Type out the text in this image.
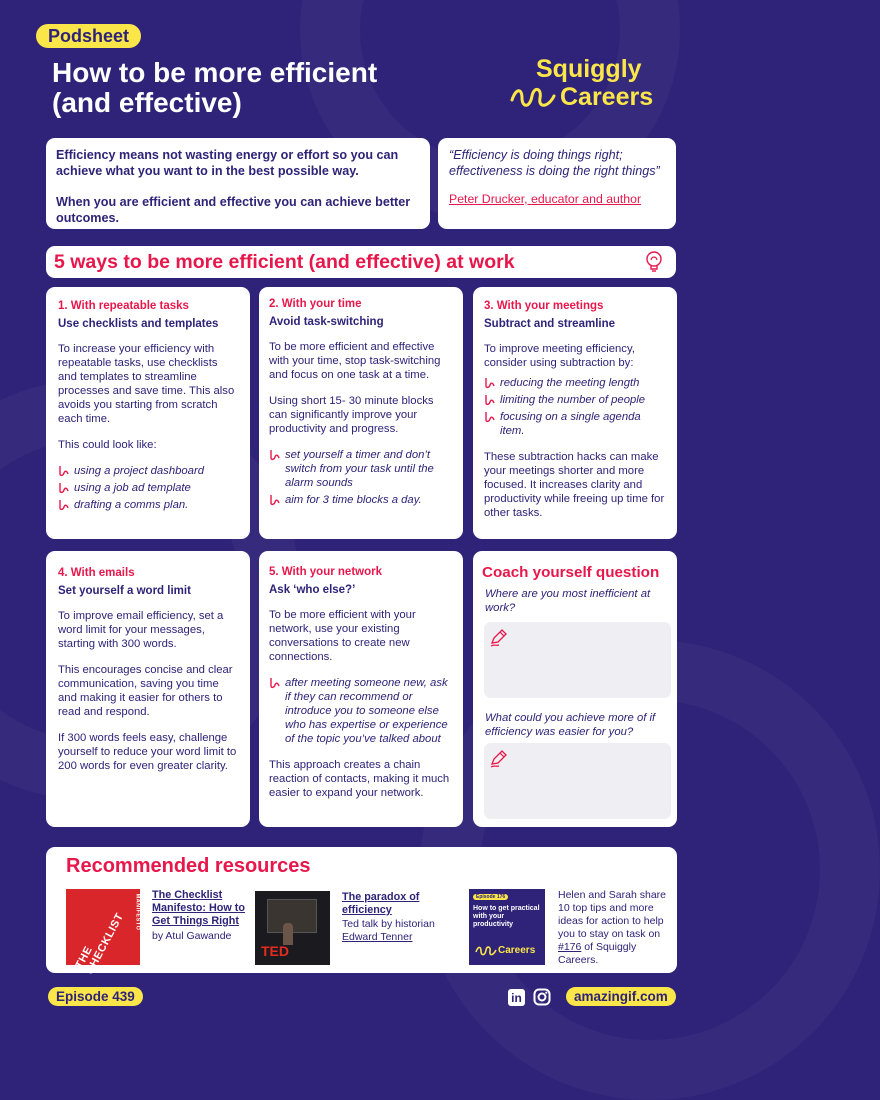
Podsheet
How to be more efficient
(and effective)
Squiggly
Careers

Efficiency means not wasting energy or effort so you can achieve what you want to in the best possible way.

When you are efficient and effective you can achieve better outcomes.

“Efficiency is doing things right; effectiveness is doing the right things”
Peter Drucker, educator and author
5 ways to be more efficient (and effective) at work
1. With repeatable tasks
Use checklists and templates

To increase your efficiency with repeatable tasks, use checklists and templates to streamline processes and save time. This also avoids you starting from scratch each time.

This could look like:

using a project dashboard
using a job ad template
drafting a comms plan.
2. With your time
Avoid task-switching

To be more efficient and effective with your time, stop task-switching and focus on one task at a time.

Using short 15- 30 minute blocks can significantly improve your productivity and progress.

set yourself a timer and don’t switch from your task until the alarm sounds
aim for 3 time blocks a day.
3. With your meetings
Subtract and streamline

To improve meeting efficiency, consider using subtraction by:

reducing the meeting length
limiting the number of people
focusing on a single agenda item.

These subtraction hacks can make your meetings shorter and more focused. It increases clarity and productivity while freeing up time for other tasks.

4. With emails
Set yourself a word limit

To improve email efficiency, set a word limit for your messages, starting with 300 words.

This encourages concise and clear communication, saving you time and making it easier for others to read and respond.

If 300 words feels easy, challenge yourself to reduce your word limit to 200 words for even greater clarity.

5. With your network
Ask ‘who else?’

To be more efficient with your network, use your existing conversations to create new connections.

after meeting someone new, ask if they can recommend or introduce you to someone else who has expertise or experience of the topic you’ve talked about

This approach creates a chain reaction of contacts, making it much easier to expand your network.

Coach yourself question
Where are you most inefficient at work?
What could you achieve more of if efficiency was easier for you?
Recommended resources
THE CHECKLIST	MANIFESTO The Checklist Manifesto: How to Get Things Right
by Atul Gawande
TED
The paradox of efficiency
Ted talk by historian
Edward Tenner
Episode 176
How to get practical with your productivity
Careers
Helen and Sarah share 10 top tips and more ideas for action to help you to stay on task on #176 of Squiggly Careers.
Episode 439	in	amazingif.com
